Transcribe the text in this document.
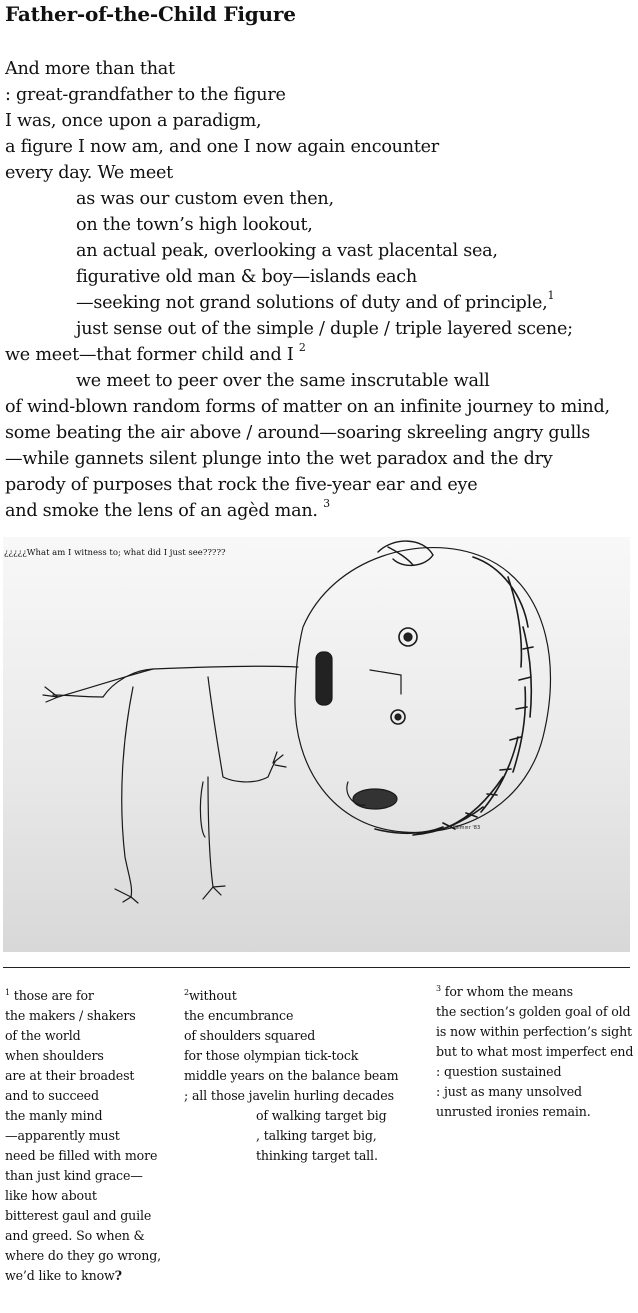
Father-of-the-Child Figure
And more than that
: great-grandfather to the figure
I was, once upon a paradigm,
a figure I now am, and one I now again encounter
every day. We meet
as was our custom even then,
on the town’s high lookout,
an actual peak, overlooking a vast placental sea,
figurative old man & boy—islands each
—seeking not grand solutions of duty and of principle,$^1$
just sense out of the simple / duple / triple layered scene;
we meet—that former child and I $^2$
we meet to peer over the same inscrutable wall
of wind-blown random forms of matter on an infinite journey to mind,
some beating the air above / around—soaring skreeling angry gulls
—while gannets silent plunge into the wet paradox and the dry
parody of purposes that rock the five-year ear and eye
and smoke the lens of an agèd man. $^3$
Fillm≡r '83
¿¿¿¿¿What am I witness to; what did I just see?????
$^1$ those are for
the makers / shakers
of the world
when shoulders
are at their broadest
and to succeed
the manly mind
—apparently must
need be filled with more
than just kind grace—
like how about
bitterest gaul and guile
and greed. So when &
where do they go wrong,
we’d like to know?
$^2$without
the encumbrance
of shoulders squared
for those olympian tick-tock
middle years on the balance beam
; all those javelin hurling decades
of walking target big
, talking target big,
thinking target tall.
$^3$ for whom the means
the section’s golden goal of old
is now within perfection’s sight
but to what most imperfect end
: question sustained
: just as many unsolved
unrusted ironies remain.
